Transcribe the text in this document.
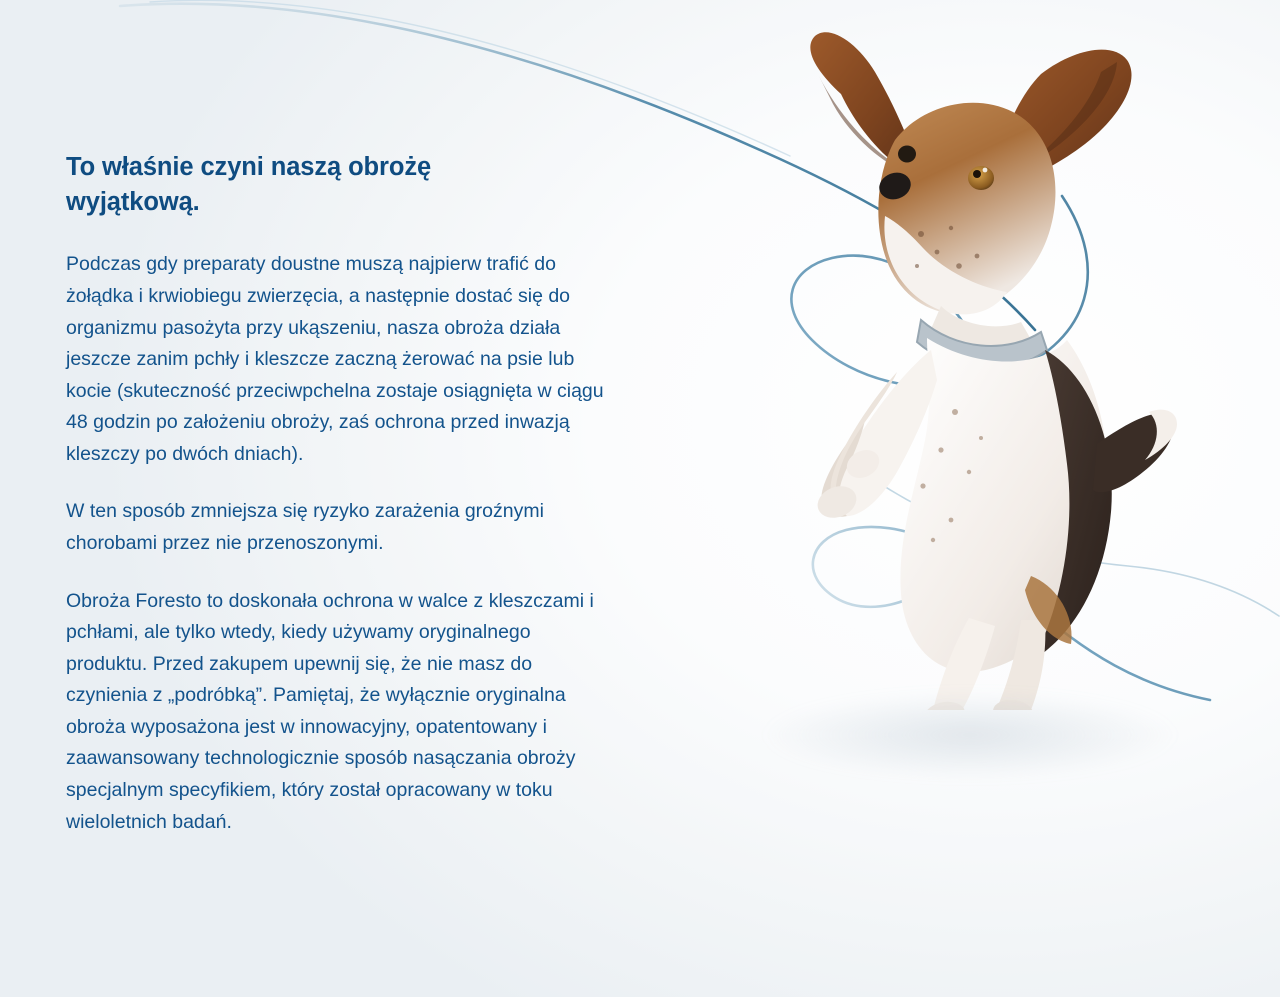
To właśnie czyni naszą obrożę wyjątkową.

Podczas gdy preparaty doustne muszą najpierw trafić do żołądka i krwiobiegu zwierzęcia, a następnie dostać się do organizmu pasożyta przy ukąszeniu, nasza obroża działa jeszcze zanim pchły i kleszcze zaczną żerować na psie lub kocie (skuteczność przeciwpchelna zostaje osiągnięta w ciągu 48 godzin po założeniu obroży, zaś ochrona przed inwazją kleszczy po dwóch dniach).

W ten sposób zmniejsza się ryzyko zarażenia groźnymi chorobami przez nie przenoszonymi.

Obroża Foresto to doskonała ochrona w walce z kleszczami i pchłami, ale tylko wtedy, kiedy używamy oryginalnego produktu. Przed zakupem upewnij się, że nie masz do czynienia z „podróbką”. Pamiętaj, że wyłącznie oryginalna obroża wyposażona jest w innowacyjny, opatentowany i zaawansowany technologicznie sposób nasączania obroży specjalnym specyfikiem, który został opracowany w toku wieloletnich badań.
